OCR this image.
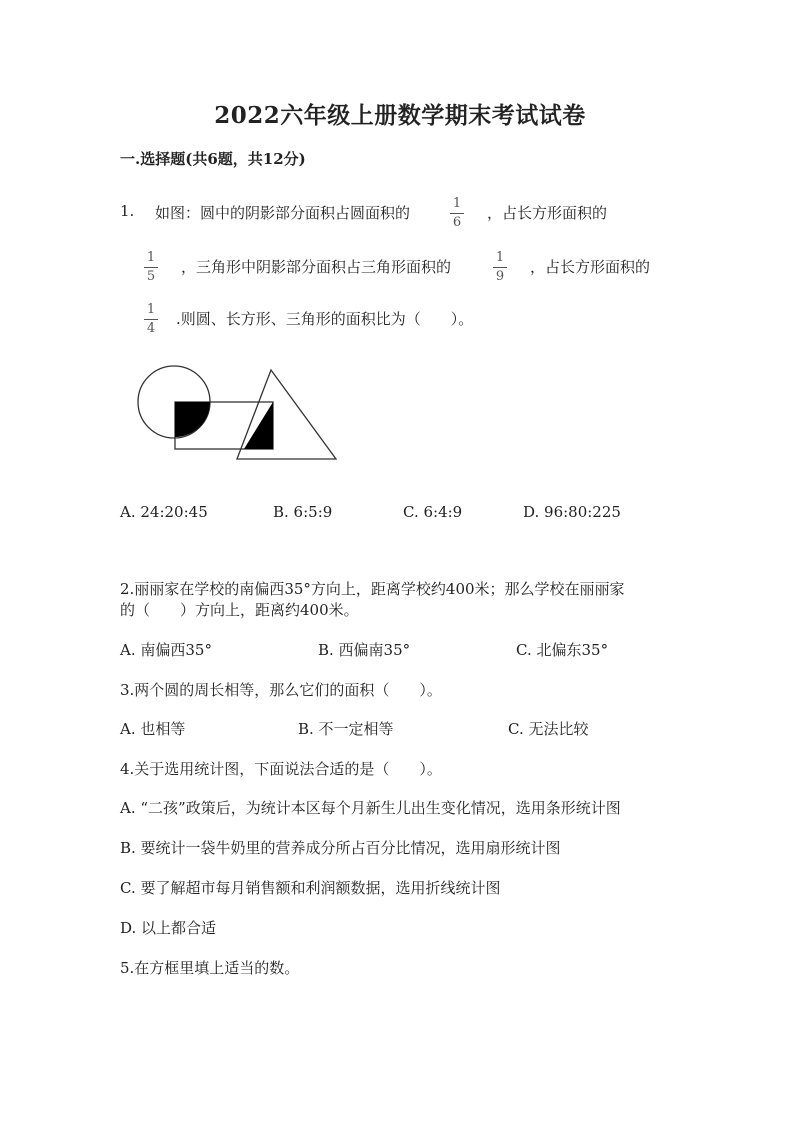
2022六年级上册数学期末考试试卷
一.选择题(共6题，共12分)
1. 如图：圆中的阴影部分面积占圆面积的
1
6
，占长方形面积的
1
5
，三角形中阴影部分面积占三角形面积的
1
9
，占长方形面积的
1
4
.则圆、长方形、三角形的面积比为（　　）。
A. 24:20:45	B. 6:5:9	C. 6:4:9	D. 96:80:225
2.丽丽家在学校的南偏西35°方向上，距离学校约400米；那么学校在丽丽家
的（　　）方向上，距离约400米。
A. 南偏西35°	B. 西偏南35°	C. 北偏东35°
3.两个圆的周长相等，那么它们的面积（　　）。
A. 也相等	B. 不一定相等	C. 无法比较
4.关于选用统计图，下面说法合适的是（　　）。
A. “二孩”政策后，为统计本区每个月新生儿出生变化情况，选用条形统计图
B. 要统计一袋牛奶里的营养成分所占百分比情况，选用扇形统计图
C. 要了解超市每月销售额和利润额数据，选用折线统计图
D. 以上都合适
5.在方框里填上适当的数。
